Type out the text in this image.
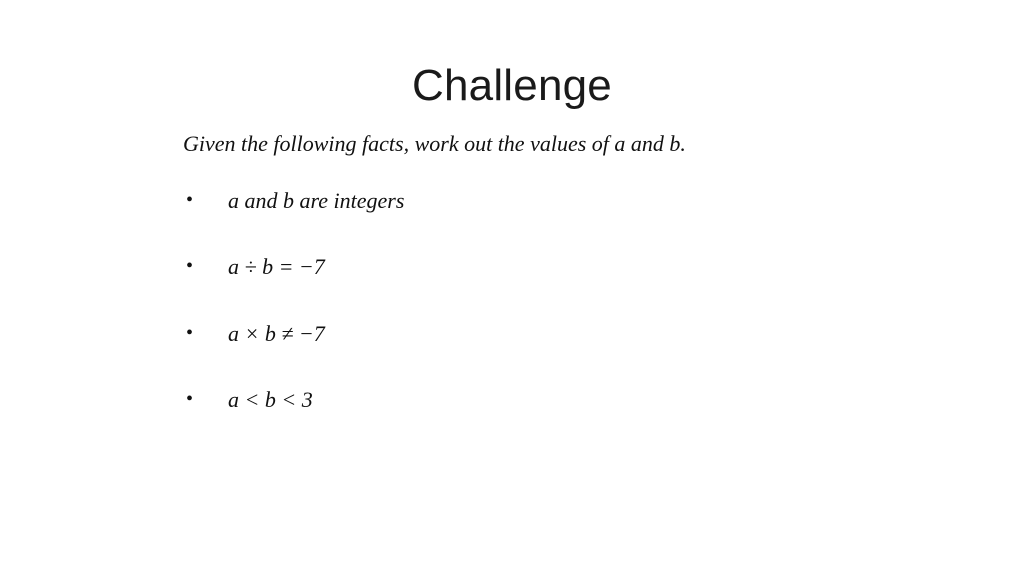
Challenge

Given the following facts, work out the values of a and b.

• a and b are integers
• a ÷ b = −7
• a × b ≠ −7
• a < b < 3
